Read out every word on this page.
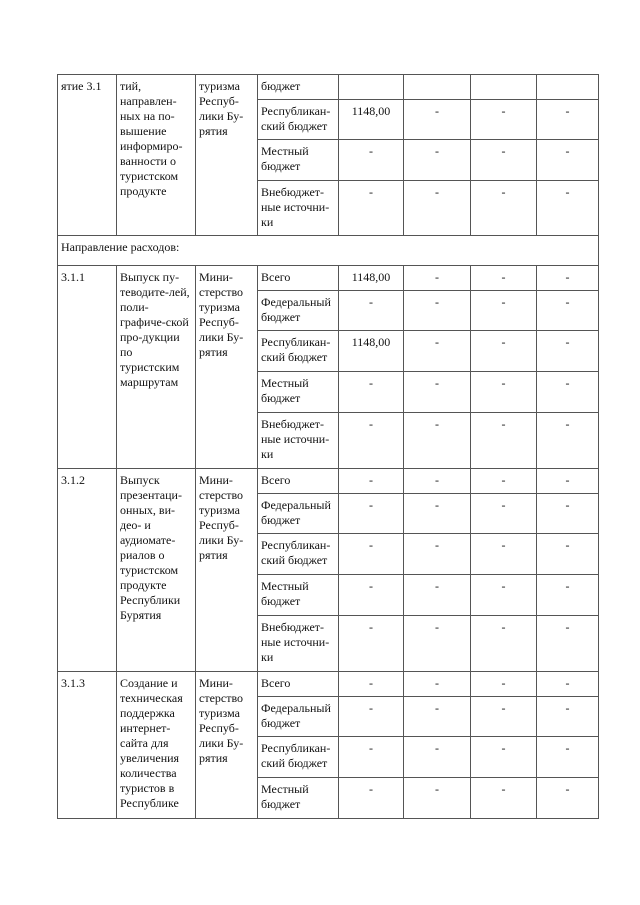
ятие 3.1	тий, направлен-ных на по-вышение информиро-ванности о туристском продукте	туризма Респуб-лики Бу-рятия	бюджет				
			Республикан-ский бюджет	1148,00	-	-	-
			Местный бюджет	-	-	-	-
			Внебюджет-ные источни-ки	-	-	-	-
Направление расходов:							
3.1.1	Выпуск пу-теводите-лей, поли-графиче-ской про-дукции по туристским маршрутам	Мини-стерство туризма Респуб-лики Бу-рятия	Всего	1148,00	-	-	-
			Федеральный бюджет	-	-	-	-
			Республикан-ский бюджет	1148,00	-	-	-
			Местный бюджет	-	-	-	-
			Внебюджет-ные источни-ки	-	-	-	-
3.1.2	Выпуск презентаци-онных, ви-део- и аудиомате-риалов о туристском продукте Республики Бурятия	Мини-стерство туризма Респуб-лики Бу-рятия	Всего	-	-	-	-
			Федеральный бюджет	-	-	-	-
			Республикан-ский бюджет	-	-	-	-
			Местный бюджет	-	-	-	-
			Внебюджет-ные источни-ки	-	-	-	-
3.1.3	Создание и техническая поддержка интернет-сайта для увеличения количества туристов в Республике	Мини-стерство туризма Респуб-лики Бу-рятия	Всего	-	-	-	-
			Федеральный бюджет	-	-	-	-
			Республикан-ский бюджет	-	-	-	-
			Местный бюджет	-	-	-	-
